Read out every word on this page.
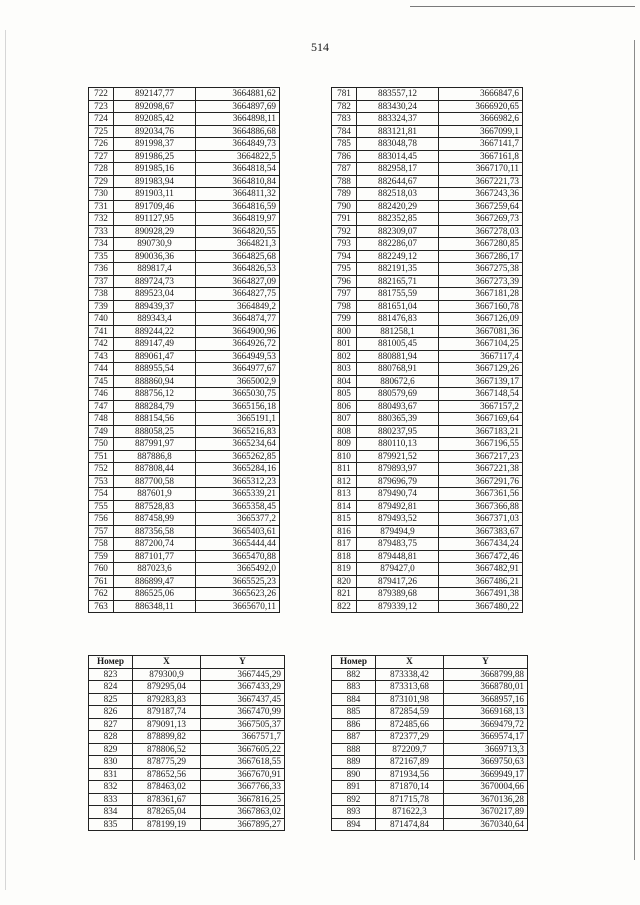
514
722	892147,77	3664881,62
723	892098,67	3664897,69
724	892085,42	3664898,11
725	892034,76	3664886,68
726	891998,37	3664849,73
727	891986,25	3664822,5
728	891985,16	3664818,54
729	891983,94	3664810,84
730	891903,11	3664811,32
731	891709,46	3664816,59
732	891127,95	3664819,97
733	890928,29	3664820,55
734	890730,9	3664821,3
735	890036,36	3664825,68
736	889817,4	3664826,53
737	889724,73	3664827,09
738	889523,04	3664827,75
739	889439,37	3664849,2
740	889343,4	3664874,77
741	889244,22	3664900,96
742	889147,49	3664926,72
743	889061,47	3664949,53
744	888955,54	3664977,67
745	888860,94	3665002,9
746	888756,12	3665030,75
747	888284,79	3665156,18
748	888154,56	3665191,1
749	888058,25	3665216,83
750	887991,97	3665234,64
751	887886,8	3665262,85
752	887808,44	3665284,16
753	887700,58	3665312,23
754	887601,9	3665339,21
755	887528,83	3665358,45
756	887458,99	3665377,2
757	887356,58	3665403,61
758	887200,74	3665444,44
759	887101,77	3665470,88
760	887023,6	3665492,0
761	886899,47	3665525,23
762	886525,06	3665623,26
763	886348,11	3665670,11
781	883557,12	3666847,6
782	883430,24	3666920,65
783	883324,37	3666982,6
784	883121,81	3667099,1
785	883048,78	3667141,7
786	883014,45	3667161,8
787	882958,17	3667170,11
788	882644,67	3667221,73
789	882518,03	3667243,36
790	882420,29	3667259,64
791	882352,85	3667269,73
792	882309,07	3667278,03
793	882286,07	3667280,85
794	882249,12	3667286,17
795	882191,35	3667275,38
796	882165,71	3667273,39
797	881755,59	3667181,28
798	881651,04	3667160,78
799	881476,83	3667126,09
800	881258,1	3667081,36
801	881005,45	3667104,25
802	880881,94	3667117,4
803	880768,91	3667129,26
804	880672,6	3667139,17
805	880579,69	3667148,54
806	880493,67	3667157,2
807	880365,39	3667169,64
808	880237,95	3667183,21
809	880110,13	3667196,55
810	879921,52	3667217,23
811	879893,97	3667221,38
812	879696,79	3667291,76
813	879490,74	3667361,56
814	879492,81	3667366,88
815	879493,52	3667371,03
816	879494,9	3667383,67
817	879483,75	3667434,24
818	879448,81	3667472,46
819	879427,0	3667482,91
820	879417,26	3667486,21
821	879389,68	3667491,38
822	879339,12	3667480,22
Номер	X	Y
823	879300,9	3667445,29
824	879295,04	3667433,29
825	879283,83	3667437,45
826	879187,74	3667470,99
827	879091,13	3667505,37
828	878899,82	3667571,7
829	878806,52	3667605,22
830	878775,29	3667618,55
831	878652,56	3667670,91
832	878463,02	3667766,33
833	878361,67	3667816,25
834	878265,04	3667863,02
835	878199,19	3667895,27
Номер	X	Y
882	873338,42	3668799,88
883	873313,68	3668780,01
884	873101,98	3668957,16
885	872854,59	3669168,13
886	872485,66	3669479,72
887	872377,29	3669574,17
888	872209,7	3669713,3
889	872167,89	3669750,63
890	871934,56	3669949,17
891	871870,14	3670004,66
892	871715,78	3670136,28
893	871622,3	3670217,89
894	871474,84	3670340,64
